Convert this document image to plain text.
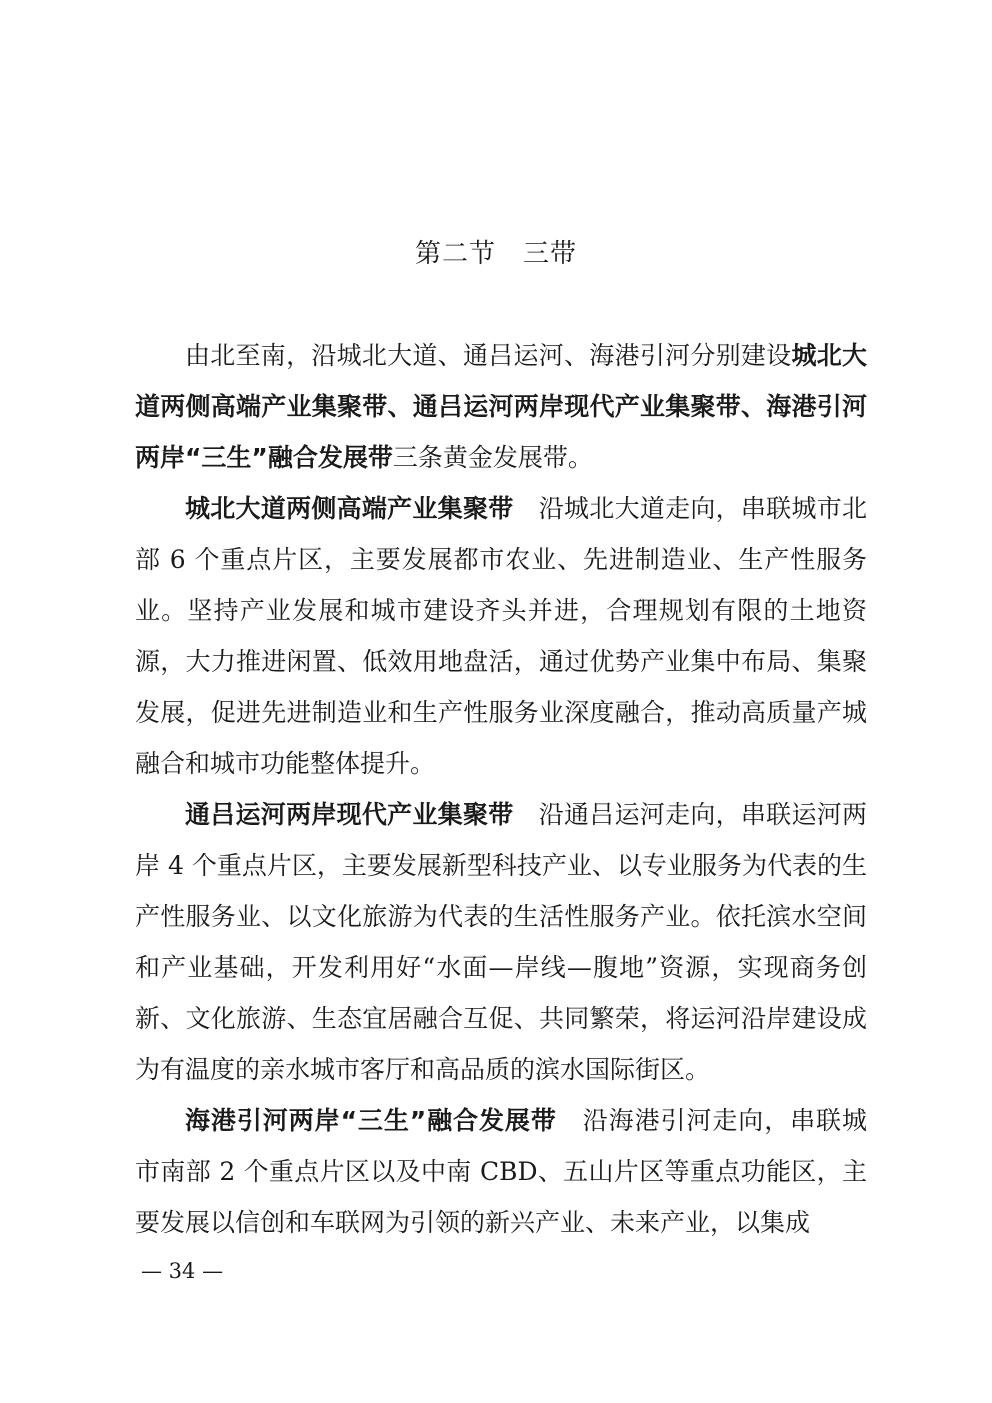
第二节　三带

由北至南，沿城北大道、通吕运河、海港引河分别建设城北大道两侧高端产业集聚带、通吕运河两岸现代产业集聚带、海港引河两岸“三生”融合发展带三条黄金发展带。

城北大道两侧高端产业集聚带　沿城北大道走向，串联城市北部 6 个重点片区，主要发展都市农业、先进制造业、生产性服务业。坚持产业发展和城市建设齐头并进，合理规划有限的土地资源，大力推进闲置、低效用地盘活，通过优势产业集中布局、集聚发展，促进先进制造业和生产性服务业深度融合，推动高质量产城融合和城市功能整体提升。

通吕运河两岸现代产业集聚带　沿通吕运河走向，串联运河两岸 4 个重点片区，主要发展新型科技产业、以专业服务为代表的生产性服务业、以文化旅游为代表的生活性服务产业。依托滨水空间和产业基础，开发利用好“水面—岸线—腹地”资源，实现商务创新、文化旅游、生态宜居融合互促、共同繁荣，将运河沿岸建设成为有温度的亲水城市客厅和高品质的滨水国际街区。

海港引河两岸“三生”融合发展带　沿海港引河走向，串联城市南部 2 个重点片区以及中南 CBD、五山片区等重点功能区，主要发展以信创和车联网为引领的新兴产业、未来产业，以集成

— 34 —
